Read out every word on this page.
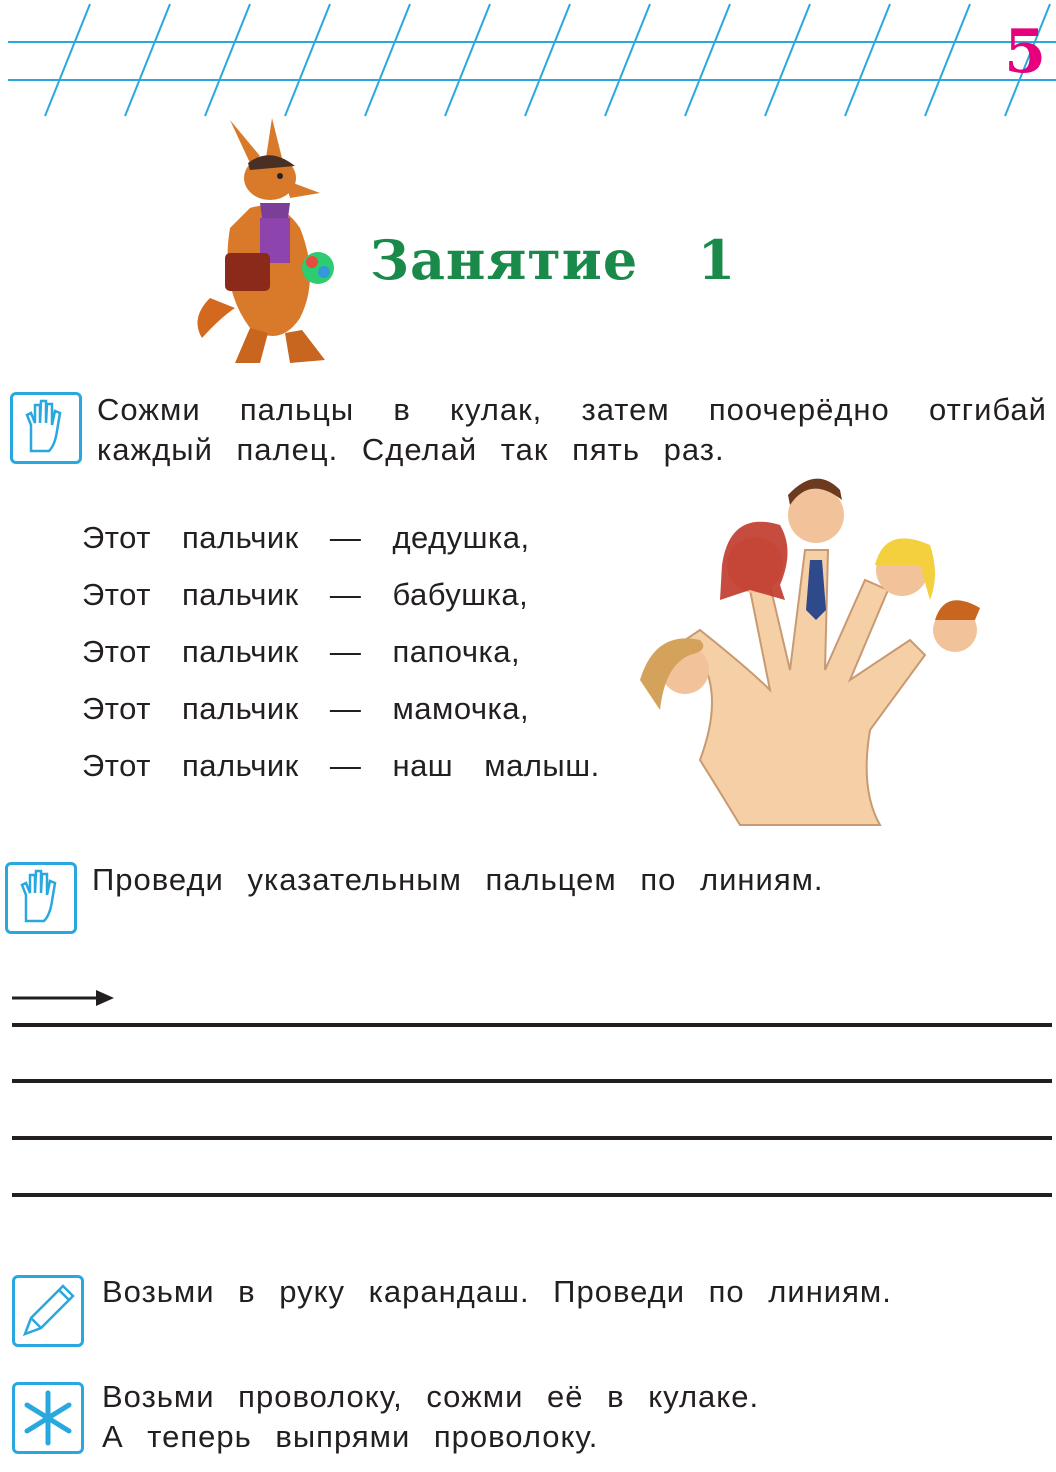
5
Занятие   1
Сожми пальцы в кулак, затем поочерёдно отгибай каждый палец. Сделай так пять раз.
Этот пальчик — дедушка,
Этот пальчик — бабушка,
Этот пальчик — папочка,
Этот пальчик — мамочка,
Этот пальчик — наш малыш.
Проведи указательным пальцем по линиям.
Возьми в руку карандаш. Проведи по линиям.
Возьми проволоку, сожми её в кулаке.
А теперь выпрями проволоку.
